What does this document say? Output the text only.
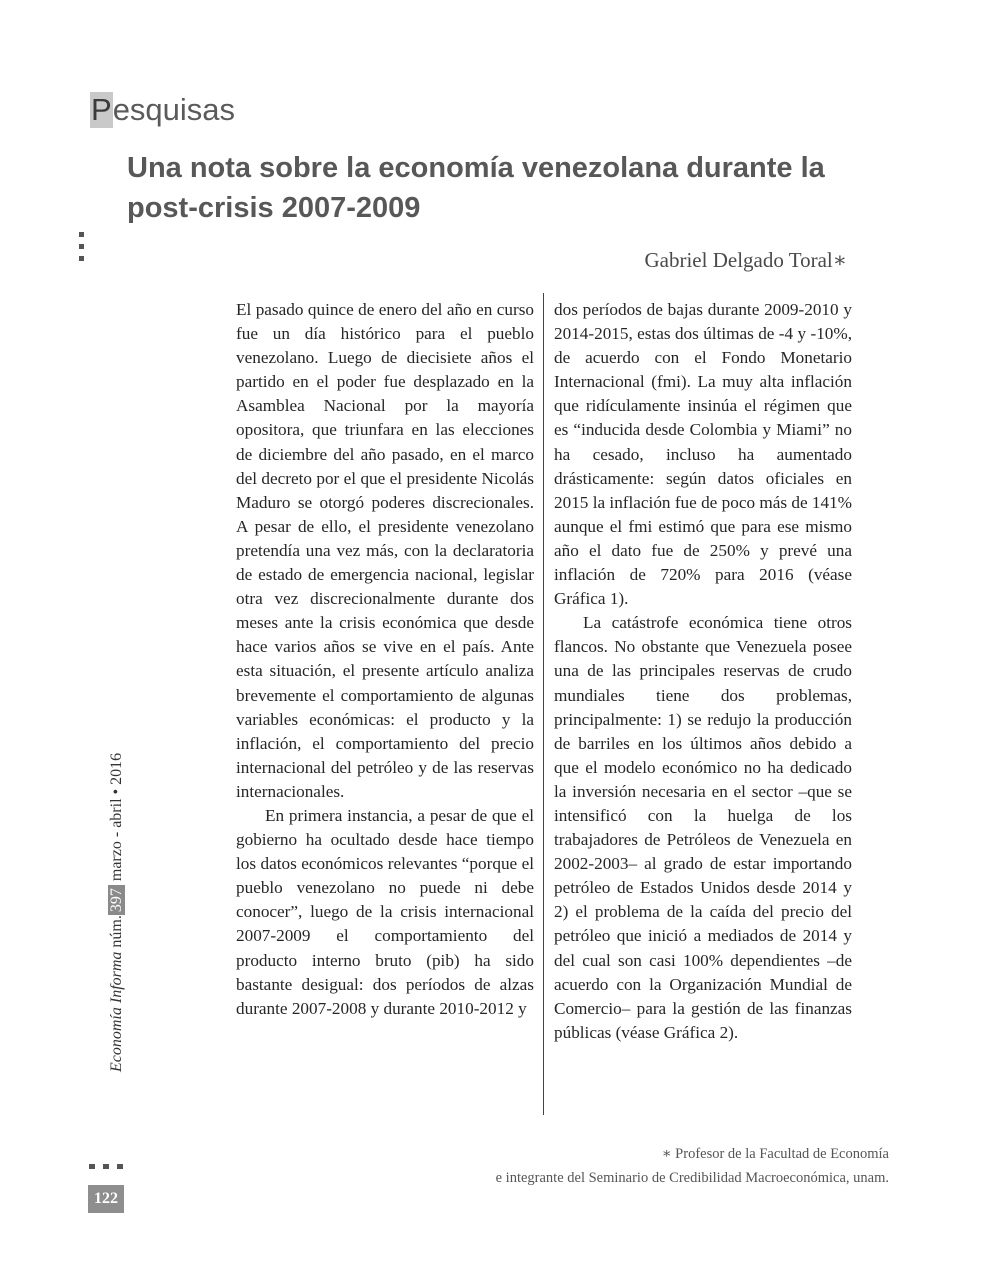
Pesquisas
Una nota sobre la economía venezolana durante la post-crisis 2007-2009
Gabriel Delgado Toral∗

El pasado quince de enero del año en curso fue un día histórico para el pueblo venezolano. Luego de diecisiete años el partido en el poder fue desplazado en la Asamblea Nacional por la mayoría opositora, que triunfara en las elecciones de diciembre del año pasado, en el marco del decreto por el que el presidente Nicolás Maduro se otorgó poderes discrecionales. A pesar de ello, el presidente venezolano pretendía una vez más, con la declaratoria de estado de emergencia nacional, legislar otra vez discrecionalmente durante dos meses ante la crisis económica que desde hace varios años se vive en el país. Ante esta situación, el presente artículo analiza brevemente el comportamiento de algunas variables económicas: el producto y la inflación, el comportamiento del precio internacional del petróleo y de las reservas internacionales.

En primera instancia, a pesar de que el gobierno ha ocultado desde hace tiempo los datos económicos relevantes “porque el pueblo venezolano no puede ni debe conocer”, luego de la crisis internacional 2007-2009 el comportamiento del producto interno bruto (pib) ha sido bastante desigual: dos períodos de alzas durante 2007-2008 y durante 2010-2012 y

dos períodos de bajas durante 2009-2010 y 2014-2015, estas dos últimas de -4 y -10%, de acuerdo con el Fondo Monetario Internacional (fmi). La muy alta inflación que ridículamente insinúa el régimen que es “inducida desde Colombia y Miami” no ha cesado, incluso ha aumentado drásticamente: según datos oficiales en 2015 la inflación fue de poco más de 141% aunque el fmi estimó que para ese mismo año el dato fue de 250% y prevé una inflación de 720% para 2016 (véase Gráfica 1).

La catástrofe económica tiene otros flancos. No obstante que Venezuela posee una de las principales reservas de crudo mundiales tiene dos problemas, principalmente: 1) se redujo la producción de barriles en los últimos años debido a que el modelo económico no ha dedicado la inversión necesaria en el sector –que se intensificó con la huelga de los trabajadores de Petróleos de Venezuela en 2002-2003– al grado de estar importando petróleo de Estados Unidos desde 2014 y 2) el problema de la caída del precio del petróleo que inició a mediados de 2014 y del cual son casi 100% dependientes –de acuerdo con la Organización Mundial de Comercio– para la gestión de las finanzas públicas (véase Gráfica 2).

Economía Informa núm.397 marzo - abril • 2016
122
∗ Profesor de la Facultad de Economía
e integrante del Seminario de Credibilidad Macroeconómica, unam.
